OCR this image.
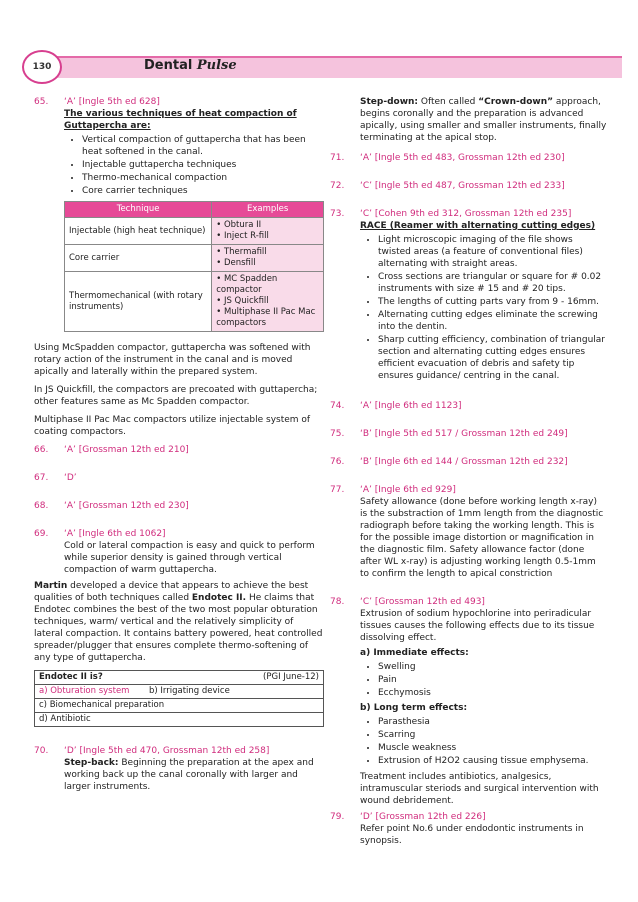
130	Dental Pulse
65.	‘A’ [Ingle 5th ed 628]
The various techniques of heat compaction of Guttapercha are:
• Vertical compaction of guttapercha that has been heat softened in the canal.
• Injectable guttapercha techniques
• Thermo-mechanical compaction
• Core carrier techniques
Technique	Examples
Injectable (high heat technique)	• Obtura II
• Inject R-fill

Core carrier	• Thermafill
• Densfill

Thermomechanical (with rotary instruments)	• MC Spadden compactor
• JS Quickfill
• Multiphase II Pac Mac compactors

Using McSpadden compactor, guttapercha was softened with rotary action of the instrument in the canal and is moved apically and laterally within the prepared system.

In JS Quickfill, the compactors are precoated with guttapercha; other features same as Mc Spadden compactor.

Multiphase II Pac Mac compactors utilize injectable system of coating compactors.

66.	‘A’ [Grossman 12th ed 210]
67.	‘D’
68.	‘A’ [Grossman 12th ed 230]
69.	‘A’ [Ingle 6th ed 1062]
Cold or lateral compaction is easy and quick to perform while superior density is gained through vertical compaction of warm guttapercha.

Martin developed a device that appears to achieve the best qualities of both techniques called Endotec II. He claims that Endotec combines the best of the two most popular obturation techniques, warm/ vertical and the relatively simplicity of lateral compaction. It contains battery powered, heat controlled spreader/plugger that ensures complete thermo-softening of any type of guttapercha.

Endotec II is?	(PGI June-12)
a) Obturation system	b) Irrigating device
c) Biomechanical preparation
d) Antibiotic
70.	‘D’ [Ingle 5th ed 470, Grossman 12th ed 258]
Step-back: Beginning the preparation at the apex and working back up the canal coronally with larger and larger instruments.
Step-down: Often called “Crown-down” approach, begins coronally and the preparation is advanced apically, using smaller and smaller instruments, finally terminating at the apical stop.
71.	‘A’ [Ingle 5th ed 483, Grossman 12th ed 230]
72.	‘C’ [Ingle 5th ed 487, Grossman 12th ed 233]
73.	‘C’ [Cohen 9th ed 312, Grossman 12th ed 235]
RACE (Reamer with alternating cutting edges)
• Light microscopic imaging of the file shows twisted areas (a feature of conventional files) alternating with straight areas.
• Cross sections are triangular or square for # 0.02 instruments with size # 15 and # 20 tips.
• The lengths of cutting parts vary from 9 - 16mm.
• Alternating cutting edges eliminate the screwing into the dentin.
• Sharp cutting efficiency, combination of triangular section and alternating cutting edges ensures efficient evacuation of debris and safety tip ensures guidance/ centring in the canal.
74.	‘A’ [Ingle 6th ed 1123]
75.	‘B’ [Ingle 5th ed 517 / Grossman 12th ed 249]
76.	‘B’ [Ingle 6th ed 144 / Grossman 12th ed 232]
77.	‘A’ [Ingle 6th ed 929]
Safety allowance (done before working length x-ray) is the substraction of 1mm length from the diagnostic radiograph before taking the working length. This is for the possible image distortion or magnification in the diagnostic film. Safety allowance factor (done after WL x-ray) is adjusting working length 0.5-1mm to confirm the length to apical constriction
78.	‘C’ [Grossman 12th ed 493]
Extrusion of sodium hypochlorine into periradicular tissues causes the following effects due to its tissue dissolving effect.
a) Immediate effects:
• Swelling
• Pain
• Ecchymosis
b) Long term effects:
• Parasthesia
• Scarring
• Muscle weakness
• Extrusion of H2O2 causing tissue emphysema.
Treatment includes antibiotics, analgesics, intramuscular steriods and surgical intervention with wound debridement.
79.	‘D’ [Grossman 12th ed 226]
Refer point No.6 under endodontic instruments in synopsis.
